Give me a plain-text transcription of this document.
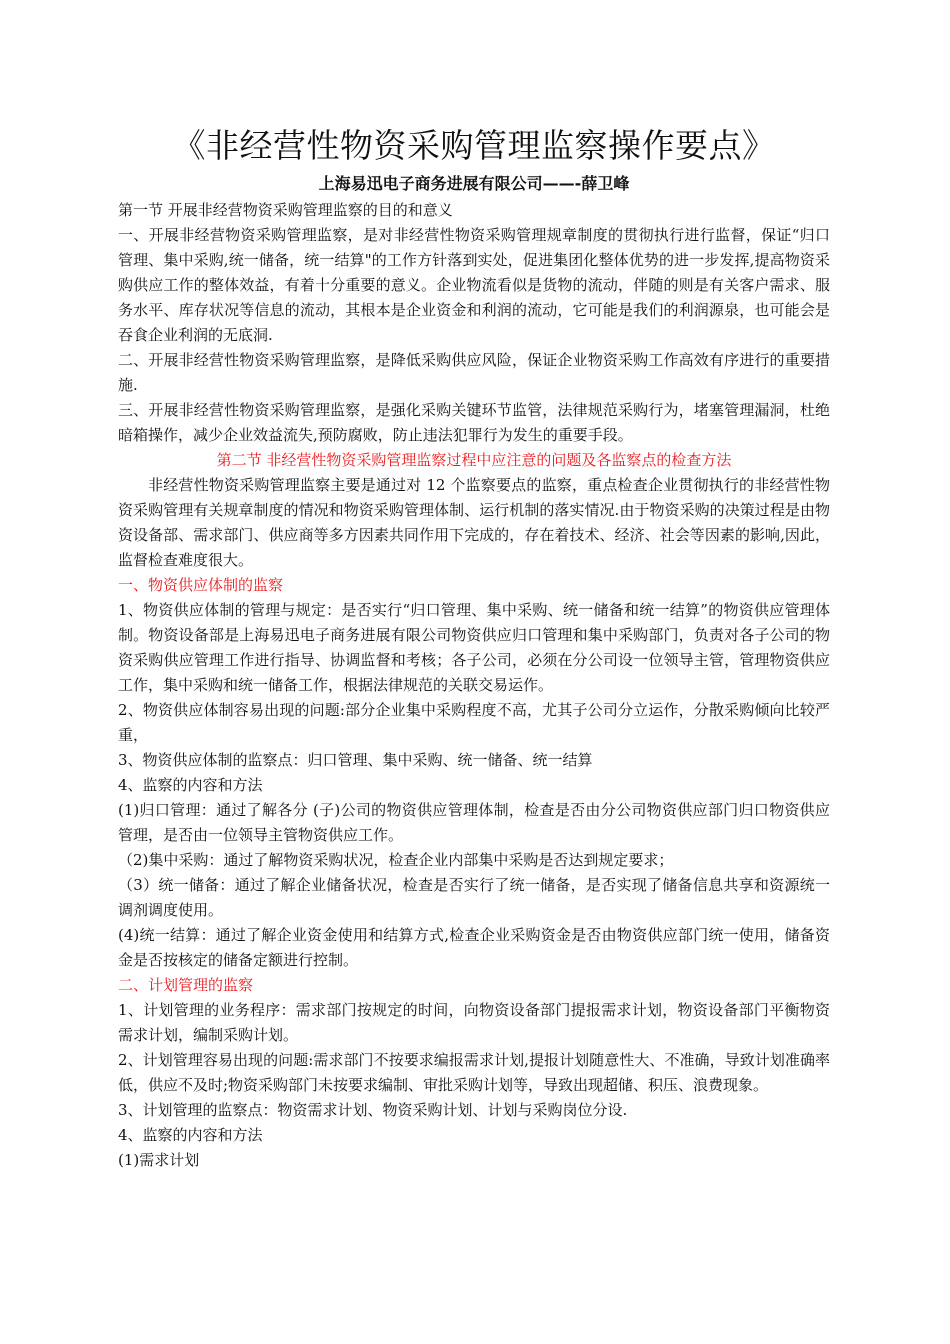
《非经营性物资采购管理监察操作要点》
上海易迅电子商务进展有限公司——-薛卫峰

第一节 开展非经营物资采购管理监察的目的和意义

一、开展非经营物资采购管理监察，是对非经营性物资采购管理规章制度的贯彻执行进行监督，保证“归口管理、集中采购,统一储备，统一结算"的工作方针落到实处，促进集团化整体优势的进一步发挥,提高物资采购供应工作的整体效益，有着十分重要的意义。企业物流看似是货物的流动，伴随的则是有关客户需求、服务水平、库存状况等信息的流动，其根本是企业资金和利润的流动，它可能是我们的利润源泉，也可能会是吞食企业利润的无底洞.

二、开展非经营性物资采购管理监察，是降低采购供应风险，保证企业物资采购工作高效有序进行的重要措施.

三、开展非经营性物资采购管理监察，是强化采购关键环节监管，法律规范采购行为，堵塞管理漏洞，杜绝暗箱操作，减少企业效益流失,预防腐败，防止违法犯罪行为发生的重要手段。

第二节 非经营性物资采购管理监察过程中应注意的问题及各监察点的检查方法

非经营性物资采购管理监察主要是通过对 12 个监察要点的监察，重点检查企业贯彻执行的非经营性物资采购管理有关规章制度的情况和物资采购管理体制、运行机制的落实情况.由于物资采购的决策过程是由物资设备部、需求部门、供应商等多方因素共同作用下完成的，存在着技术、经济、社会等因素的影响,因此，监督检查难度很大。

一、物资供应体制的监察

1、物资供应体制的管理与规定：是否实行“归口管理、集中采购、统一储备和统一结算”的物资供应管理体制。物资设备部是上海易迅电子商务进展有限公司物资供应归口管理和集中采购部门，负责对各子公司的物资采购供应管理工作进行指导、协调监督和考核；各子公司，必须在分公司设一位领导主管，管理物资供应工作，集中采购和统一储备工作，根据法律规范的关联交易运作。

2、物资供应体制容易出现的问题:部分企业集中采购程度不高，尤其子公司分立运作，分散采购倾向比较严重，

3、物资供应体制的监察点：归口管理、集中采购、统一储备、统一结算

4、监察的内容和方法

(1)归口管理：通过了解各分 (子)公司的物资供应管理体制，检查是否由分公司物资供应部门归口物资供应管理，是否由一位领导主管物资供应工作。

（2)集中采购：通过了解物资采购状况，检查企业内部集中采购是否达到规定要求；

（3）统一储备：通过了解企业储备状况，检查是否实行了统一储备，是否实现了储备信息共享和资源统一调剂调度使用。

(4)统一结算：通过了解企业资金使用和结算方式,检查企业采购资金是否由物资供应部门统一使用，储备资金是否按核定的储备定额进行控制。

二、计划管理的监察

1、计划管理的业务程序：需求部门按规定的时间，向物资设备部门提报需求计划，物资设备部门平衡物资需求计划，编制采购计划。

2、计划管理容易出现的问题:需求部门不按要求编报需求计划,提报计划随意性大、不准确，导致计划准确率低，供应不及时;物资采购部门未按要求编制、审批采购计划等，导致出现超储、积压、浪费现象。

3、计划管理的监察点：物资需求计划、物资采购计划、计划与采购岗位分设.

4、监察的内容和方法

(1)需求计划
